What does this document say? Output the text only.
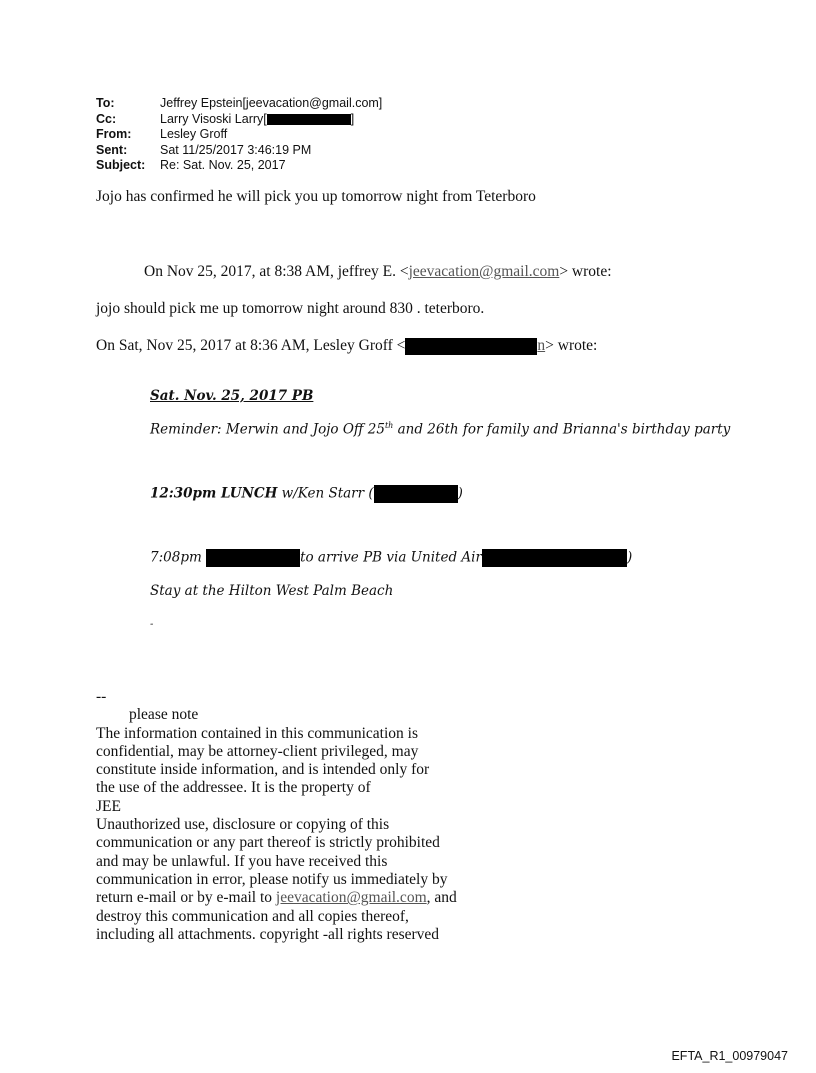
To:	Jeffrey Epstein[jeevacation@gmail.com]
Cc:	Larry Visoski Larry[	]
From:	Lesley Groff
Sent:	Sat 11/25/2017 3:46:19 PM
Subject:	Re: Sat. Nov. 25, 2017
Jojo has confirmed he will pick you up tomorrow night from Teterboro
On Nov 25, 2017, at 8:38 AM, jeffrey E. <jeevacation@gmail.com> wrote:
jojo should pick me up tomorrow night around 830 . teterboro.
On Sat, Nov 25, 2017 at 8:36 AM, Lesley Groff <	n> wrote:
Sat. Nov. 25, 2017 PB
Reminder: Merwin and Jojo Off 25th and 26th for family and Brianna's birthday party
12:30pm LUNCH w/Ken Starr (	)
7:08pm	to arrive PB via United Air	)
Stay at the Hilton West Palm Beach
-
--
please note
The information contained in this communication is
confidential, may be attorney-client privileged, may
constitute inside information, and is intended only for
the use of the addressee. It is the property of
JEE
Unauthorized use, disclosure or copying of this
communication or any part thereof is strictly prohibited
and may be unlawful. If you have received this
communication in error, please notify us immediately by
return e-mail or by e-mail to jeevacation@gmail.com, and
destroy this communication and all copies thereof,
including all attachments. copyright -all rights reserved
EFTA_R1_00979047
